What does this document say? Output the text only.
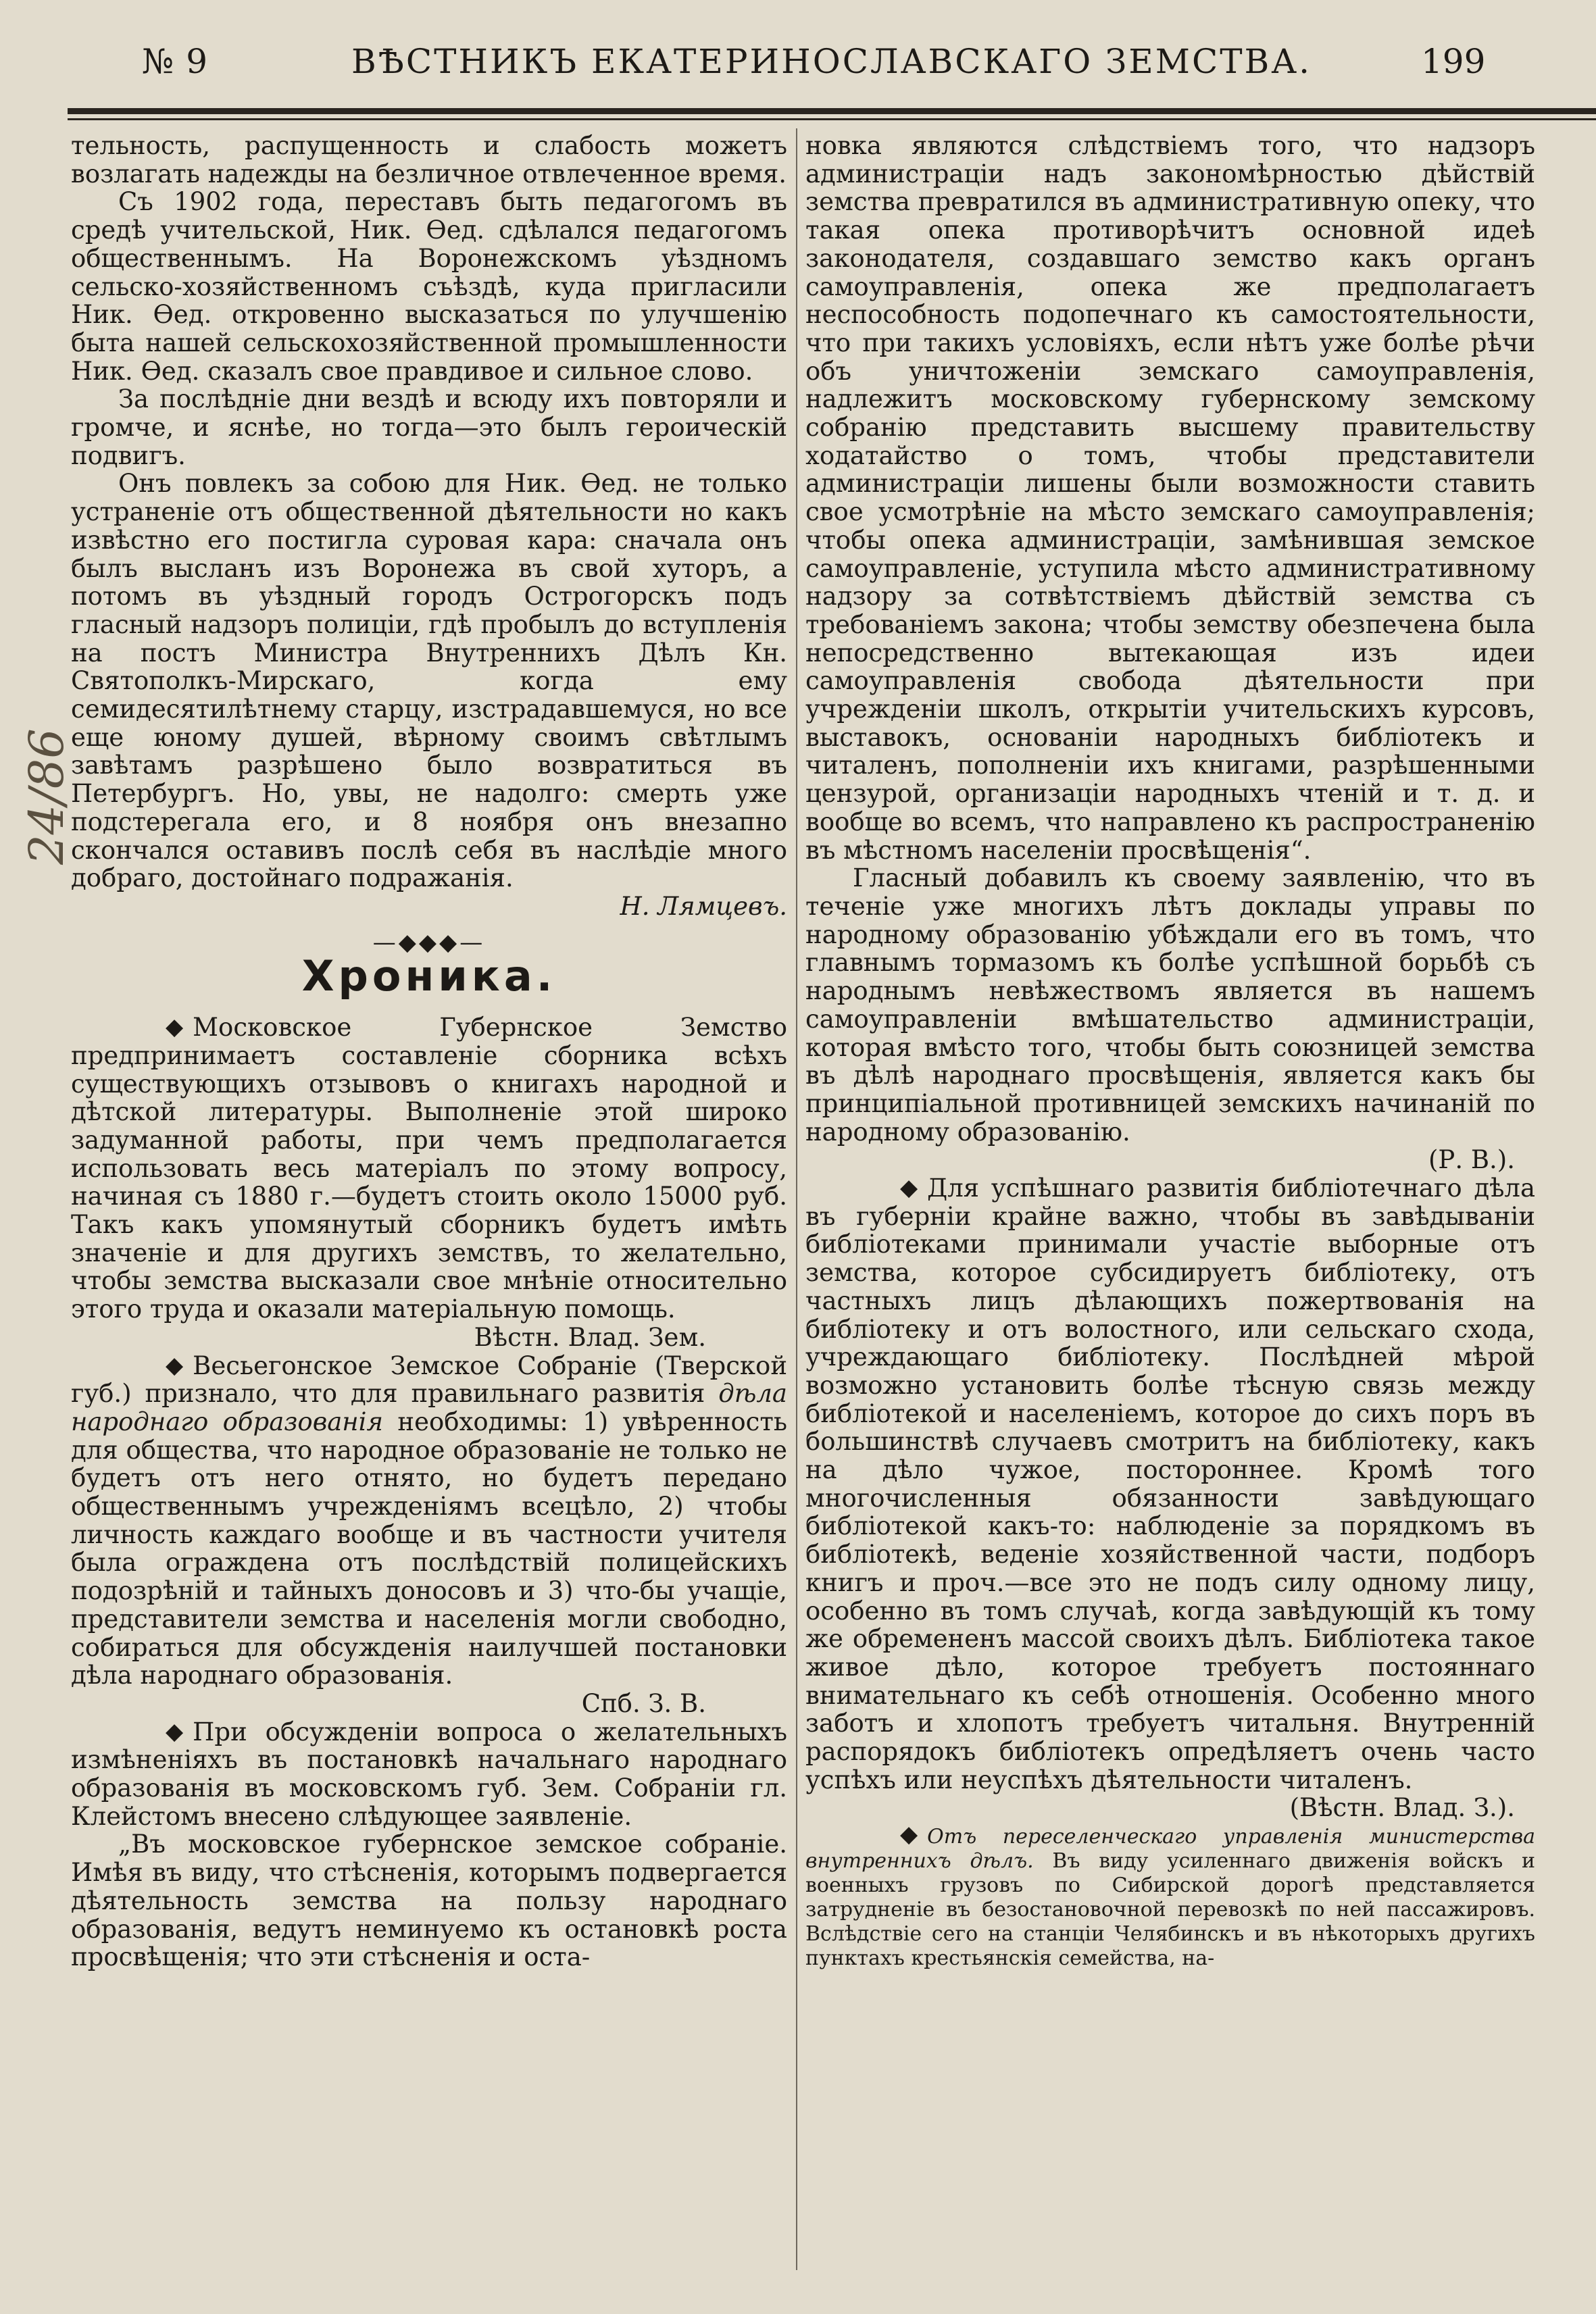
№ 9	ВѢСТНИКЪ ЕКАТЕРИНОСЛАВСКАГО ЗЕМСТВА.	199
24/86

тельность, распущенность и слабость можетъ возлагать надежды на безличное отвлеченное время.

Съ 1902 года, переставъ быть педагогомъ въ средѣ учительской, Ник. Ѳед. сдѣлался педагогомъ общественнымъ. На Воронежскомъ уѣздномъ сельско-хозяйственномъ съѣздѣ, куда пригласили Ник. Ѳед. откровенно высказаться по улучшенію быта нашей сельскохозяйственной промышленности Ник. Ѳед. сказалъ свое правдивое и сильное слово.

За послѣдніе дни вездѣ и всюду ихъ повторяли и громче, и яснѣе, но тогда—это былъ героическій подвигъ.

Онъ повлекъ за собою для Ник. Ѳед. не только устраненіе отъ общественной дѣятельности но какъ извѣстно его постигла суровая кара: сначала онъ былъ высланъ изъ Воронежа въ свой хуторъ, а потомъ въ уѣздный городъ Острогорскъ подъ гласный надзоръ полиціи, гдѣ пробылъ до вступленія на постъ Министра Внутреннихъ Дѣлъ Кн. Святополкъ-Мирскаго, когда ему семидесятилѣтнему старцу, изстрадавшемуся, но все еще юному душей, вѣрному своимъ свѣтлымъ завѣтамъ разрѣшено было возвратиться въ Петербургъ. Но, увы, не надолго: смерть уже подстерегала его, и 8 ноября онъ внезапно скончался оставивъ послѣ себя въ наслѣдіе много добраго, достойнаго подражанія.

Н. Лямцевъ.

—◆◆◆—
Хроника.

◆ Московское Губернское Земство предпринимаетъ составленіе сборника всѣхъ существующихъ отзывовъ о книгахъ народной и дѣтской литературы. Выполненіе этой широко задуманной работы, при чемъ предполагается использовать весь матеріалъ по этому вопросу, начиная съ 1880 г.—будетъ стоить около 15000 руб. Такъ какъ упомянутый сборникъ будетъ имѣть значеніе и для другихъ земствъ, то желательно, чтобы земства высказали свое мнѣніе относительно этого труда и оказали матеріальную помощь.

Вѣстн. Влад. Зем.

◆ Весьегонское Земское Собраніе (Тверской губ.) признало, что для правильнаго развитія дѣла народнаго образованія необходимы: 1) увѣренность для общества, что народное образованіе не только не будетъ отъ него отнято, но будетъ передано общественнымъ учрежденіямъ всецѣло, 2) чтобы личность каждаго вообще и въ частности учителя была ограждена отъ послѣдствій полицейскихъ подозрѣній и тайныхъ доносовъ и 3) что-бы учащіе, представители земства и населенія могли свободно, собираться для обсужденія наилучшей постановки дѣла народнаго образованія.

Спб. З. В.

◆ При обсужденіи вопроса о желательныхъ измѣненіяхъ въ постановкѣ начальнаго народнаго образованія въ московскомъ губ. Зем. Собраніи гл. Клейстомъ внесено слѣдующее заявленіе.

„Въ московское губернское земское собраніе. Имѣя въ виду, что стѣсненія, которымъ подвергается дѣятельность земства на пользу народнаго образованія, ведутъ неминуемо къ остановкѣ роста просвѣщенія; что эти стѣсненія и оста-

новка являются слѣдствіемъ того, что надзоръ администраціи надъ закономѣрностью дѣйствій земства превратился въ административную опеку, что такая опека противорѣчитъ основной идеѣ законодателя, создавшаго земство какъ органъ самоуправленія, опека же предполагаетъ неспособность подопечнаго къ самостоятельности, что при такихъ условіяхъ, если нѣтъ уже болѣе рѣчи объ уничтоженіи земскаго самоуправленія, надлежитъ московскому губернскому земскому собранію представить высшему правительству ходатайство о томъ, чтобы представители администраціи лишены были возможности ставить свое усмотрѣніе на мѣсто земскаго самоуправленія; чтобы опека администраціи, замѣнившая земское самоуправленіе, уступила мѣсто административному надзору за сотвѣтствіемъ дѣйствій земства съ требованіемъ закона; чтобы земству обезпечена была непосредственно вытекающая изъ идеи самоуправленія свобода дѣятельности при учрежденіи школъ, открытіи учительскихъ курсовъ, выставокъ, основаніи народныхъ библіотекъ и читаленъ, пополненіи ихъ книгами, разрѣшенными цензурой, организаціи народныхъ чтеній и т. д. и вообще во всемъ, что направлено къ распространенію въ мѣстномъ населеніи просвѣщенія“.

Гласный добавилъ къ своему заявленію, что въ теченіе уже многихъ лѣтъ доклады управы по народному образованію убѣждали его въ томъ, что главнымъ тормазомъ къ болѣе успѣшной борьбѣ съ народнымъ невѣжествомъ является въ нашемъ самоуправленіи вмѣшательство администраціи, которая вмѣсто того, чтобы быть союзницей земства въ дѣлѣ народнаго просвѣщенія, является какъ бы принципіальной противницей земскихъ начинаній по народному образованію.

(Р. В.).

◆ Для успѣшнаго развитія библіотечнаго дѣла въ губерніи крайне важно, чтобы въ завѣдываніи библіотеками принимали участіе выборные отъ земства, которое субсидируетъ библіотеку, отъ частныхъ лицъ дѣлающихъ пожертвованія на библіотеку и отъ волостного, или сельскаго схода, учреждающаго библіотеку. Послѣдней мѣрой возможно установить болѣе тѣсную связь между библіотекой и населеніемъ, которое до сихъ поръ въ большинствѣ случаевъ смотритъ на библіотеку, какъ на дѣло чужое, постороннее. Кромѣ того многочисленныя обязанности завѣдующаго библіотекой какъ-то: наблюденіе за порядкомъ въ библіотекѣ, веденіе хозяйственной части, подборъ книгъ и проч.—все это не подъ силу одному лицу, особенно въ томъ случаѣ, когда завѣдующій къ тому же обремененъ массой своихъ дѣлъ. Библіотека такое живое дѣло, которое требуетъ постояннаго внимательнаго къ себѣ отношенія. Особенно много заботъ и хлопотъ требуетъ читальня. Внутренній распорядокъ библіотекъ опредѣляетъ очень часто успѣхъ или неуспѣхъ дѣятельности читаленъ.

(Вѣстн. Влад. З.).

◆ Отъ переселенческаго управленія министерства внутреннихъ дѣлъ. Въ виду усиленнаго движенія войскъ и военныхъ грузовъ по Сибирской дорогѣ представляется затрудненіе въ безостановочной перевозкѣ по ней пассажировъ. Вслѣдствіе сего на станціи Челябинскъ и въ нѣкоторыхъ другихъ пунктахъ крестьянскія семейства, на-
